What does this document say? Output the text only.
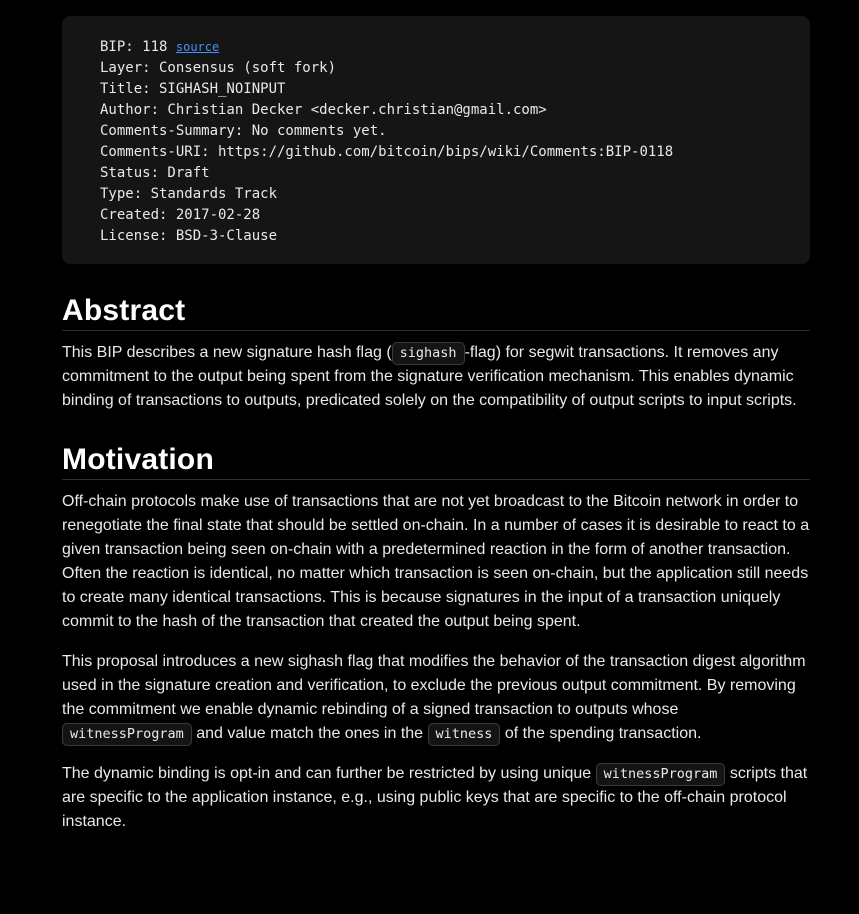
BIP: 118 source
Layer: Consensus (soft fork)
Title: SIGHASH_NOINPUT
Author: Christian Decker <decker.christian@gmail.com>
Comments-Summary: No comments yet.
Comments-URI: https://github.com/bitcoin/bips/wiki/Comments:BIP-0118
Status: Draft
Type: Standards Track
Created: 2017-02-28
License: BSD-3-Clause
Abstract

This BIP describes a new signature hash flag ( sighash -flag) for segwit transactions. It removes any commitment to the output being spent from the signature verification mechanism. This enables dynamic binding of transactions to outputs, predicated solely on the compatibility of output scripts to input scripts.

Motivation

Off-chain protocols make use of transactions that are not yet broadcast to the Bitcoin network in order to renegotiate the final state that should be settled on-chain. In a number of cases it is desirable to react to a given transaction being seen on-chain with a predetermined reaction in the form of another transaction. Often the reaction is identical, no matter which transaction is seen on-chain, but the application still needs to create many identical transactions. This is because signatures in the input of a transaction uniquely commit to the hash of the transaction that created the output being spent.

This proposal introduces a new sighash flag that modifies the behavior of the transaction digest algorithm used in the signature creation and verification, to exclude the previous output commitment. By removing the commitment we enable dynamic rebinding of a signed transaction to outputs whose witnessProgram and value match the ones in the witness of the spending transaction.

The dynamic binding is opt-in and can further be restricted by using unique witnessProgram scripts that are specific to the application instance, e.g., using public keys that are specific to the off-chain protocol instance.
